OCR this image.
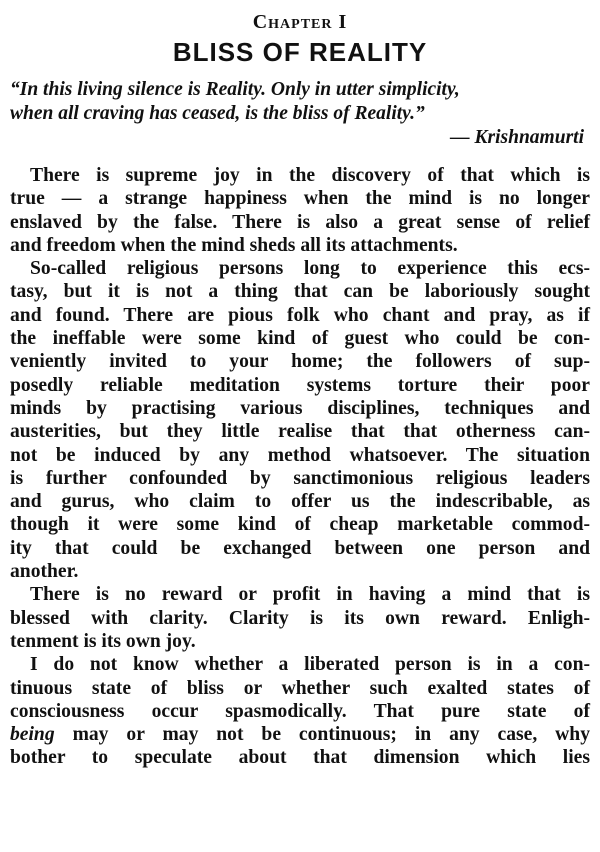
Chapter I
BLISS OF REALITY
“In this living silence is Reality. Only in utter simplicity,
when all craving has ceased, is the bliss of Reality.”
— Krishnamurti

There is supreme joy in the discovery of that which is
true — a strange happiness when the mind is no longer
enslaved by the false. There is also a great sense of relief
and freedom when the mind sheds all its attachments.

So-called religious persons long to experience this ecs-
tasy, but it is not a thing that can be laboriously sought
and found. There are pious folk who chant and pray, as if
the ineffable were some kind of guest who could be con-
veniently invited to your home; the followers of sup-
posedly reliable meditation systems torture their poor
minds by practising various disciplines, techniques and
austerities, but they little realise that that otherness can-
not be induced by any method whatsoever. The situation
is further confounded by sanctimonious religious leaders
and gurus, who claim to offer us the indescribable, as
though it were some kind of cheap marketable commod-
ity that could be exchanged between one person and
another.

There is no reward or profit in having a mind that is
blessed with clarity. Clarity is its own reward. Enligh-
tenment is its own joy.

I do not know whether a liberated person is in a con-
tinuous state of bliss or whether such exalted states of
consciousness occur spasmodically. That pure state of
being may or may not be continuous; in any case, why
bother to speculate about that dimension which lies
